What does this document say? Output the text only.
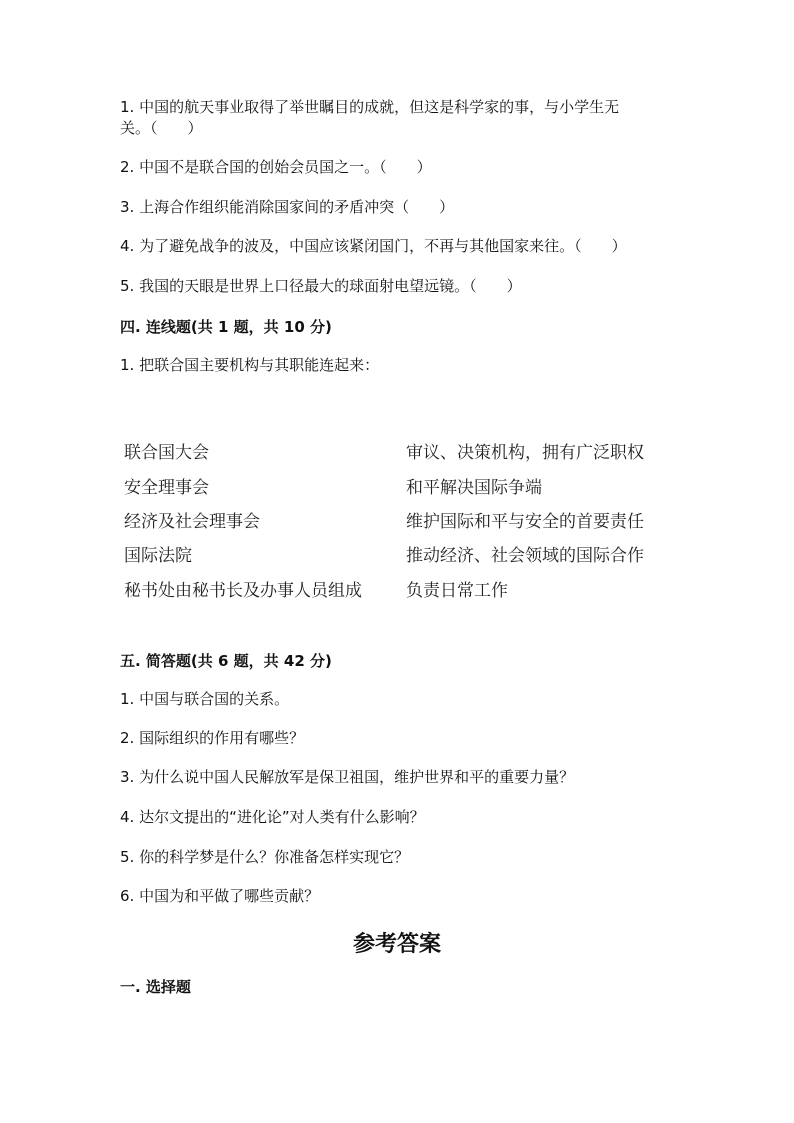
1. 中国的航天事业取得了举世瞩目的成就，但这是科学家的事，与小学生无
关。（　　）
2. 中国不是联合国的创始会员国之一。（　　）
3. 上海合作组织能消除国家间的矛盾冲突（　　）
4. 为了避免战争的波及，中国应该紧闭国门，不再与其他国家来往。（　　）
5. 我国的天眼是世界上口径最大的球面射电望远镜。（　　）
四. 连线题(共 1 题，共 10 分)
1. 把联合国主要机构与其职能连起来：
联合国大会
安全理事会
经济及社会理事会
国际法院
秘书处由秘书长及办事人员组成
审议、决策机构，拥有广泛职权
和平解决国际争端
维护国际和平与安全的首要责任
推动经济、社会领域的国际合作
负责日常工作
五. 简答题(共 6 题，共 42 分)
1. 中国与联合国的关系。
2. 国际组织的作用有哪些？
3. 为什么说中国人民解放军是保卫祖国，维护世界和平的重要力量？
4. 达尔文提出的“进化论”对人类有什么影响？
5. 你的科学梦是什么？你准备怎样实现它？
6. 中国为和平做了哪些贡献？
参考答案
一. 选择题
